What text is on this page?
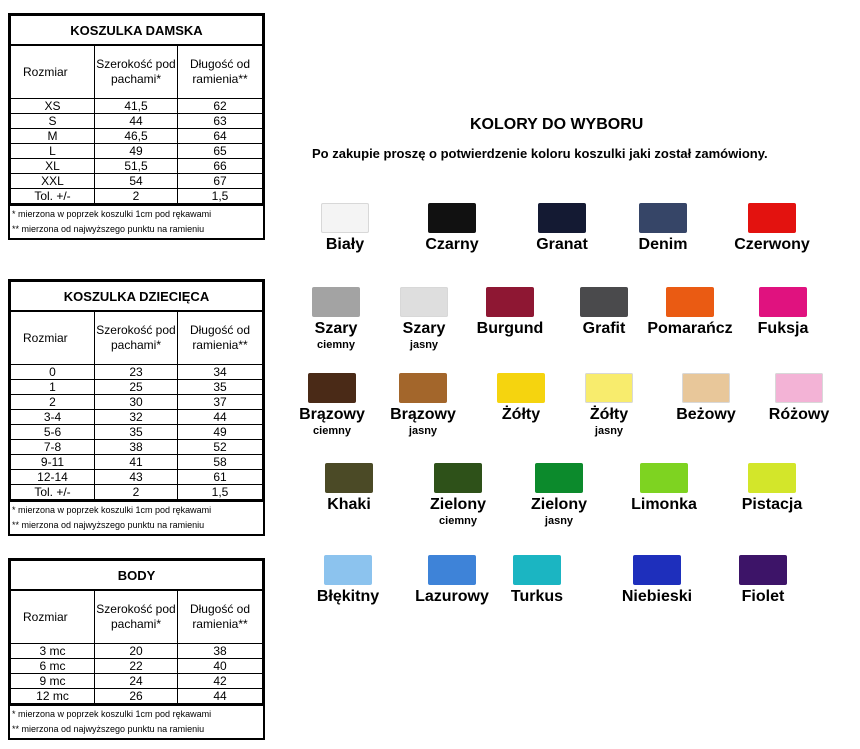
KOSZULKA DAMSKA		
Rozmiar	Szerokość pod pachami*	Długość od ramienia**
XS	41,5	62
S	44	63
M	46,5	64
L	49	65
XL	51,5	66
XXL	54	67
Tol. +/-	2	1,5
* mierzona w poprzek koszulki 1cm pod rękawami
** mierzona od najwyższego punktu na ramieniu
KOSZULKA DZIECIĘCA		
Rozmiar	Szerokość pod pachami*	Długość od ramienia**
0	23	34
1	25	35
2	30	37
3-4	32	44
5-6	35	49
7-8	38	52
9-11	41	58
12-14	43	61
Tol. +/-	2	1,5
* mierzona w poprzek koszulki 1cm pod rękawami
** mierzona od najwyższego punktu na ramieniu
BODY		
Rozmiar	Szerokość pod pachami*	Długość od ramienia**
3 mc	20	38
6 mc	22	40
9 mc	24	42
12 mc	26	44
* mierzona w poprzek koszulki 1cm pod rękawami
** mierzona od najwyższego punktu na ramieniu
KOLORY DO WYBORU
Po zakupie proszę o potwierdzenie koloru koszulki jaki został zamówiony.
Biały	Czarny	Granat	Denim	Czerwony
Szary
ciemny
Szary
jasny
Burgund	Grafit	Pomarańcz	Fuksja
Brązowy
ciemny
Brązowy
jasny
Żółty	Żółty
jasny
Beżowy	Różowy
Khaki	Zielony
ciemny
Zielony
jasny
Limonka	Pistacja
Błękitny	Lazurowy	Turkus	Niebieski	Fiolet
